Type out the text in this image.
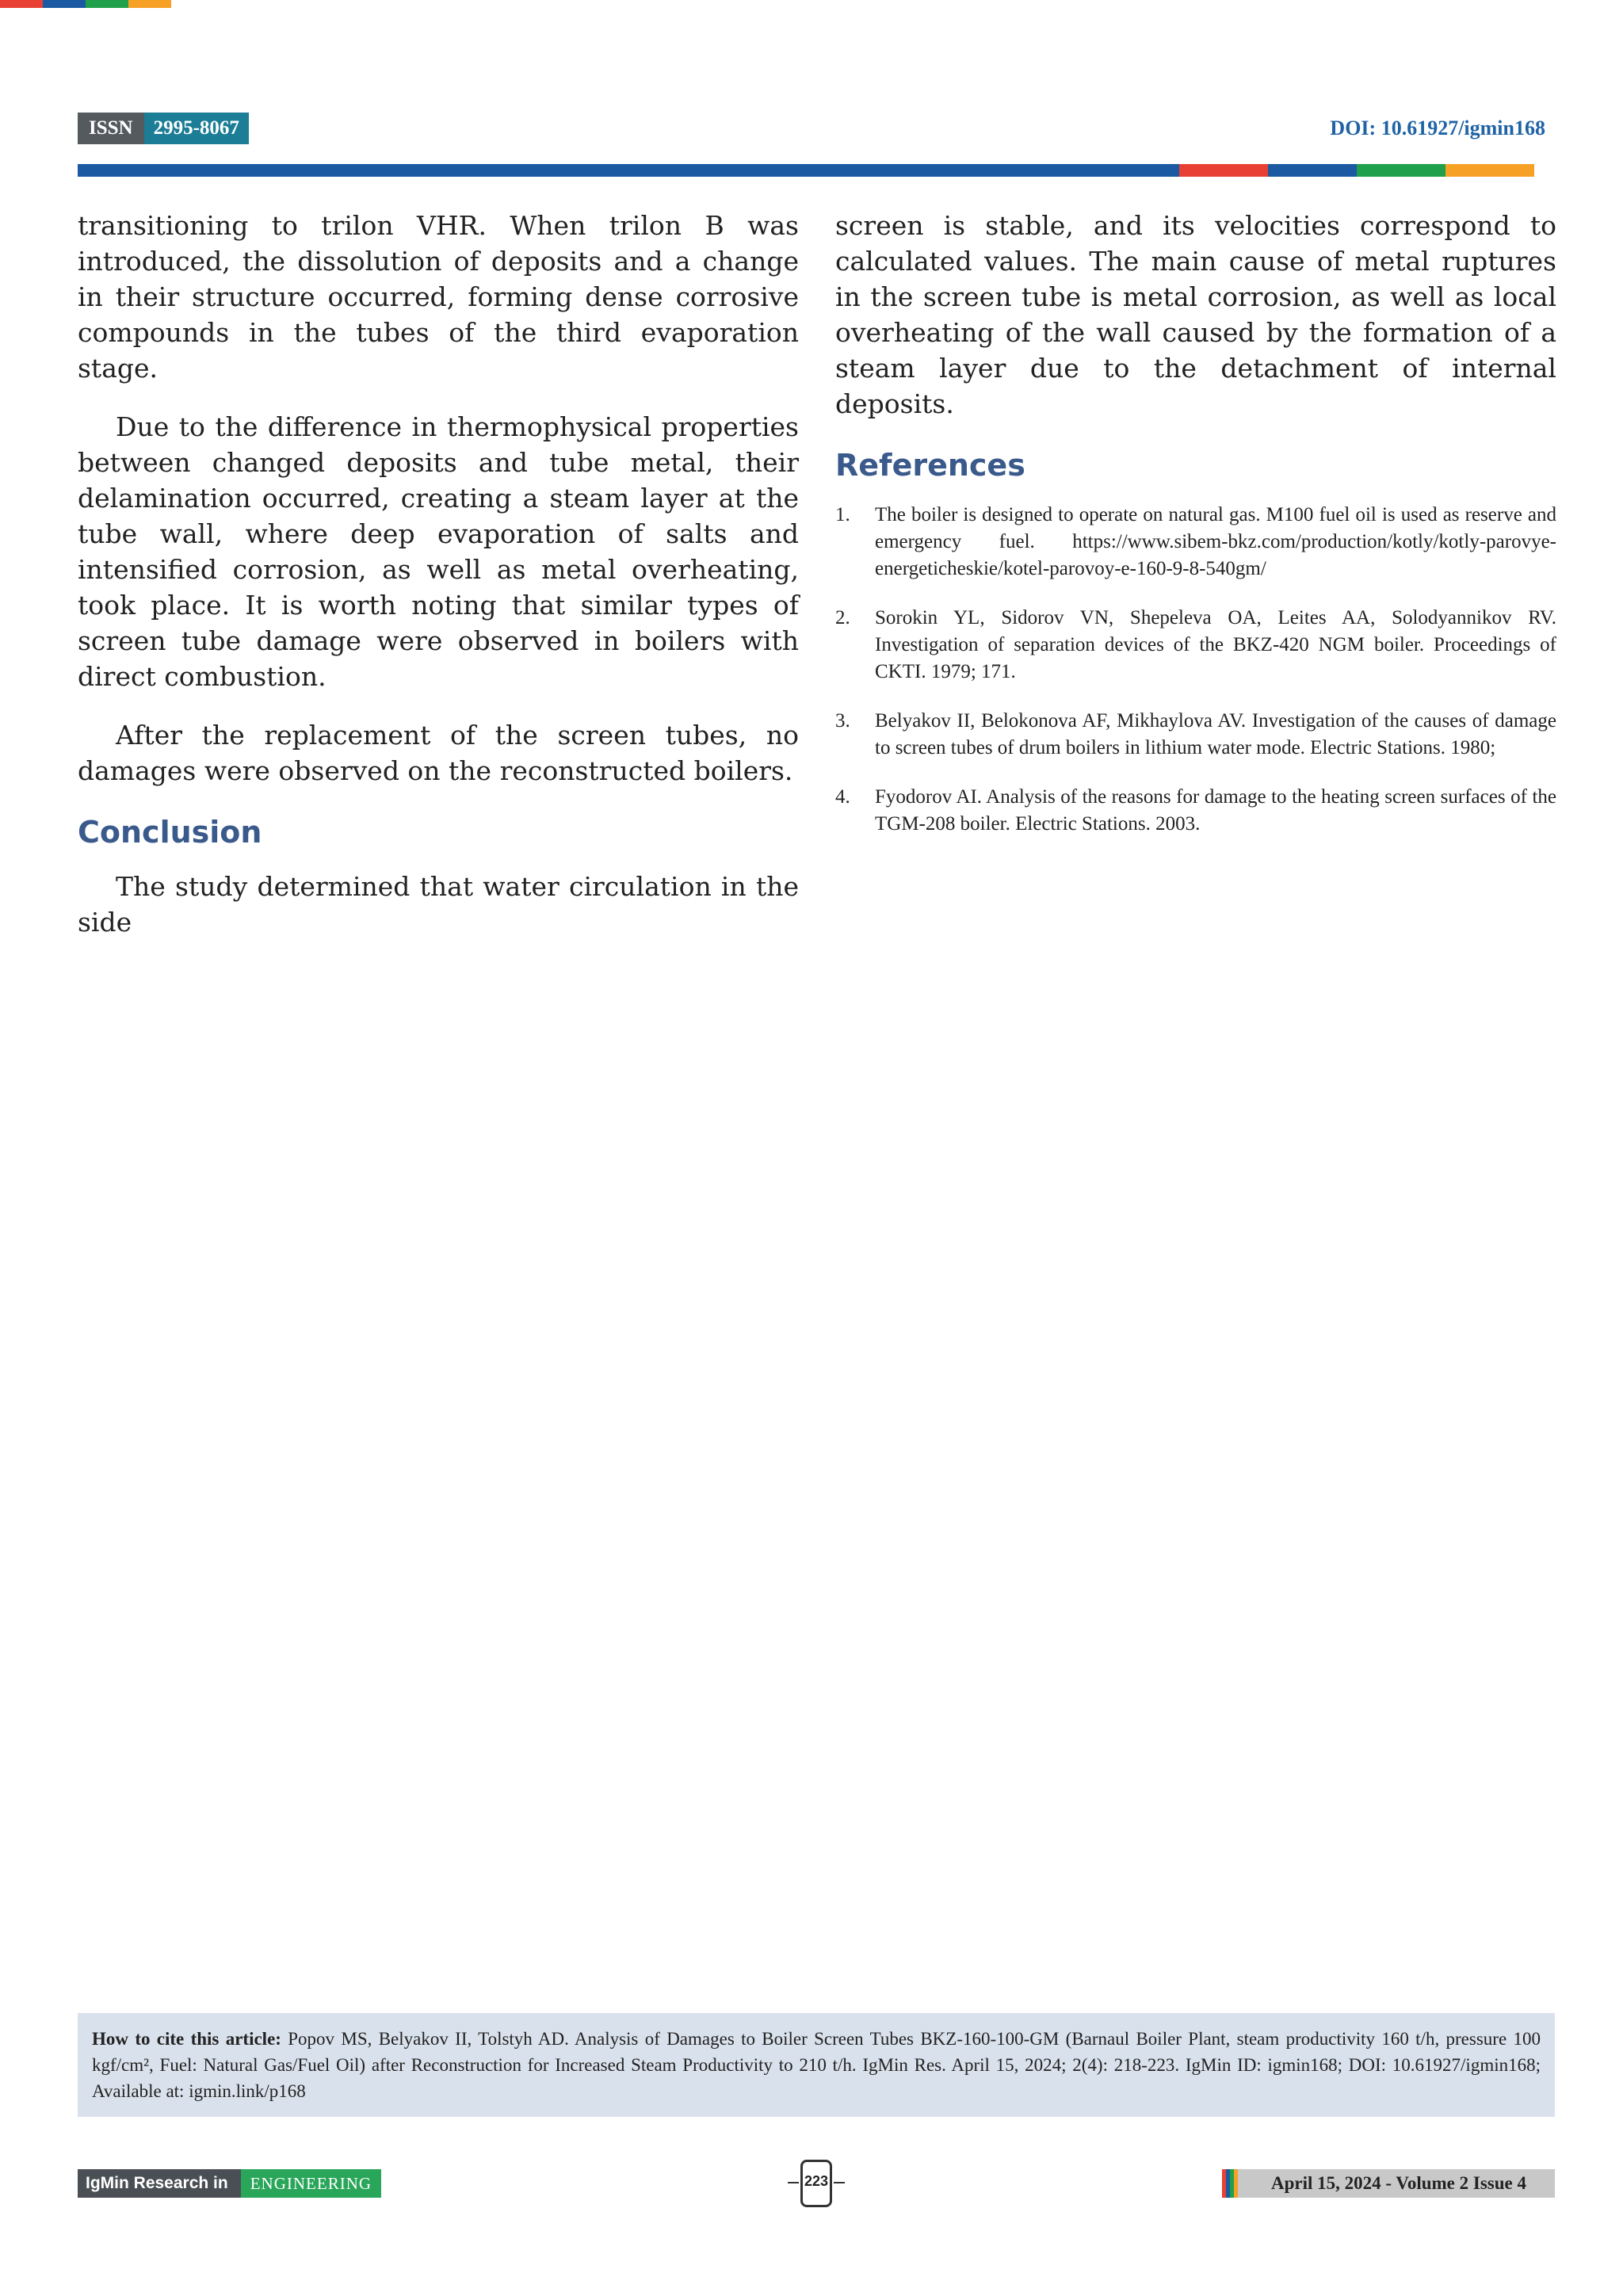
ISSN	2995-8067	DOI: 10.61927/igmin168

transitioning to trilon VHR. When trilon B was introduced, the dissolution of deposits and a change in their structure occurred, forming dense corrosive compounds in the tubes of the third evaporation stage.

Due to the difference in thermophysical properties between changed deposits and tube metal, their delamination occurred, creating a steam layer at the tube wall, where deep evaporation of salts and intensified corrosion, as well as metal overheating, took place. It is worth noting that similar types of screen tube damage were observed in boilers with direct combustion.

After the replacement of the screen tubes, no damages were observed on the reconstructed boilers.

Conclusion

The study determined that water circulation in the side

screen is stable, and its velocities correspond to calculated values. The main cause of metal ruptures in the screen tube is metal corrosion, as well as local overheating of the wall caused by the formation of a steam layer due to the detachment of internal deposits.

References
1. The boiler is designed to operate on natural gas. M100 fuel oil is used as reserve and emergency fuel. https://www.sibem-bkz.com/production/kotly/kotly-parovye-energeticheskie/kotel-parovoy-e-160-9-8-540gm/
2. Sorokin YL, Sidorov VN, Shepeleva OA, Leites AA, Solodyannikov RV. Investigation of separation devices of the BKZ-420 NGM boiler. Proceedings of CKTI. 1979; 171.
3. Belyakov II, Belokonova AF, Mikhaylova AV. Investigation of the causes of damage to screen tubes of drum boilers in lithium water mode. Electric Stations. 1980;
4. Fyodorov AI. Analysis of the reasons for damage to the heating screen surfaces of the TGM-208 boiler. Electric Stations. 2003.
How to cite this article: Popov MS, Belyakov II, Tolstyh AD. Analysis of Damages to Boiler Screen Tubes BKZ-160-100-GM (Barnaul Boiler Plant, steam productivity 160 t/h, pressure 100 kgf/cm², Fuel: Natural Gas/Fuel Oil) after Reconstruction for Increased Steam Productivity to 210 t/h. IgMin Res. April 15, 2024; 2(4): 218-223. IgMin ID: igmin168; DOI: 10.61927/igmin168; Available at: igmin.link/p168
IgMin Research in	ENGINEERING	223	April 15, 2024 - Volume 2 Issue 4
